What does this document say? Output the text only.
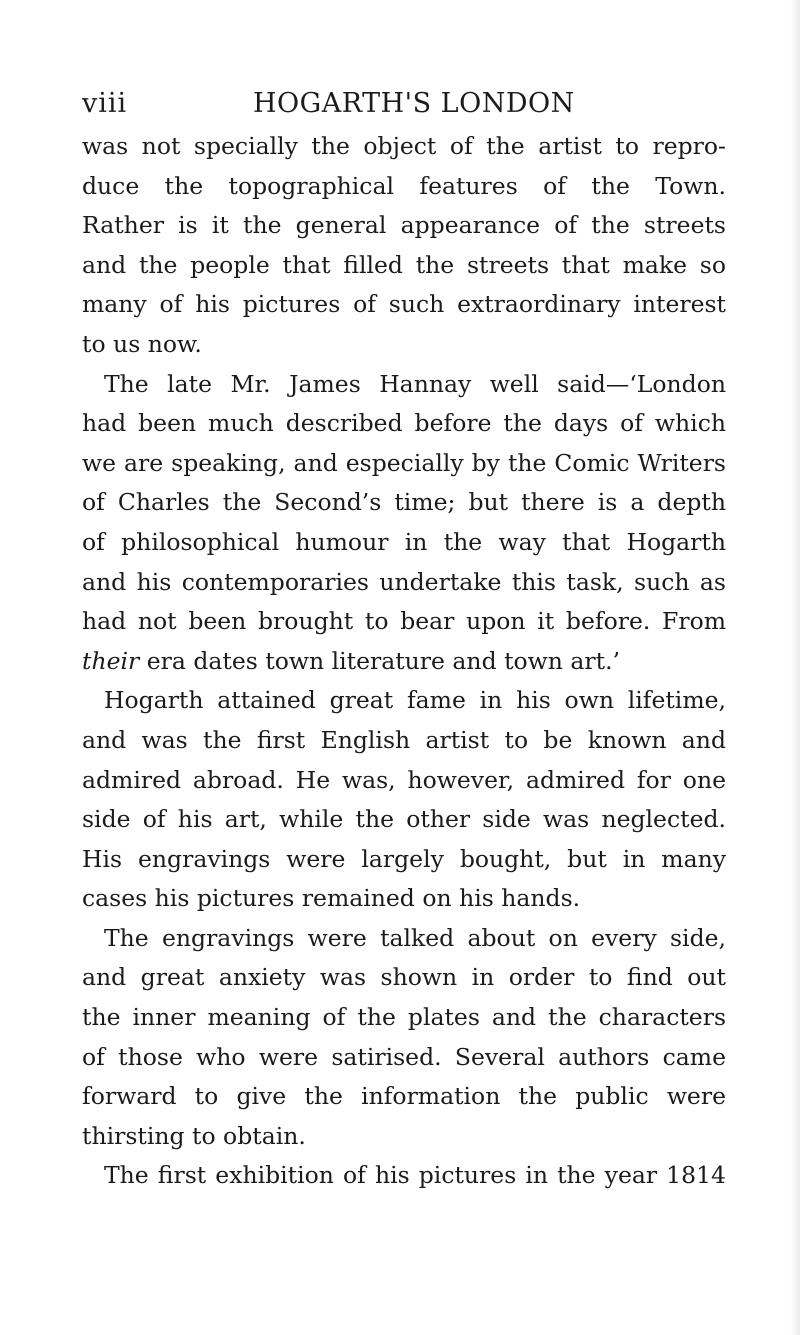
viii	HOGARTH'S LONDON
was not specially the object of the artist to repro-
duce the topographical features of the Town.
Rather is it the general appearance of the streets
and the people that filled the streets that make so
many of his pictures of such extraordinary interest
to us now.
The late Mr. James Hannay well said—‘London
had been much described before the days of which
we are speaking, and especially by the Comic Writers
of Charles the Second’s time; but there is a depth
of philosophical humour in the way that Hogarth
and his contemporaries undertake this task, such as
had not been brought to bear upon it before. From
their era dates town literature and town art.’
Hogarth attained great fame in his own lifetime,
and was the first English artist to be known and
admired abroad. He was, however, admired for one
side of his art, while the other side was neglected.
His engravings were largely bought, but in many
cases his pictures remained on his hands.
The engravings were talked about on every side,
and great anxiety was shown in order to find out
the inner meaning of the plates and the characters
of those who were satirised. Several authors came
forward to give the information the public were
thirsting to obtain.
The first exhibition of his pictures in the year 1814
